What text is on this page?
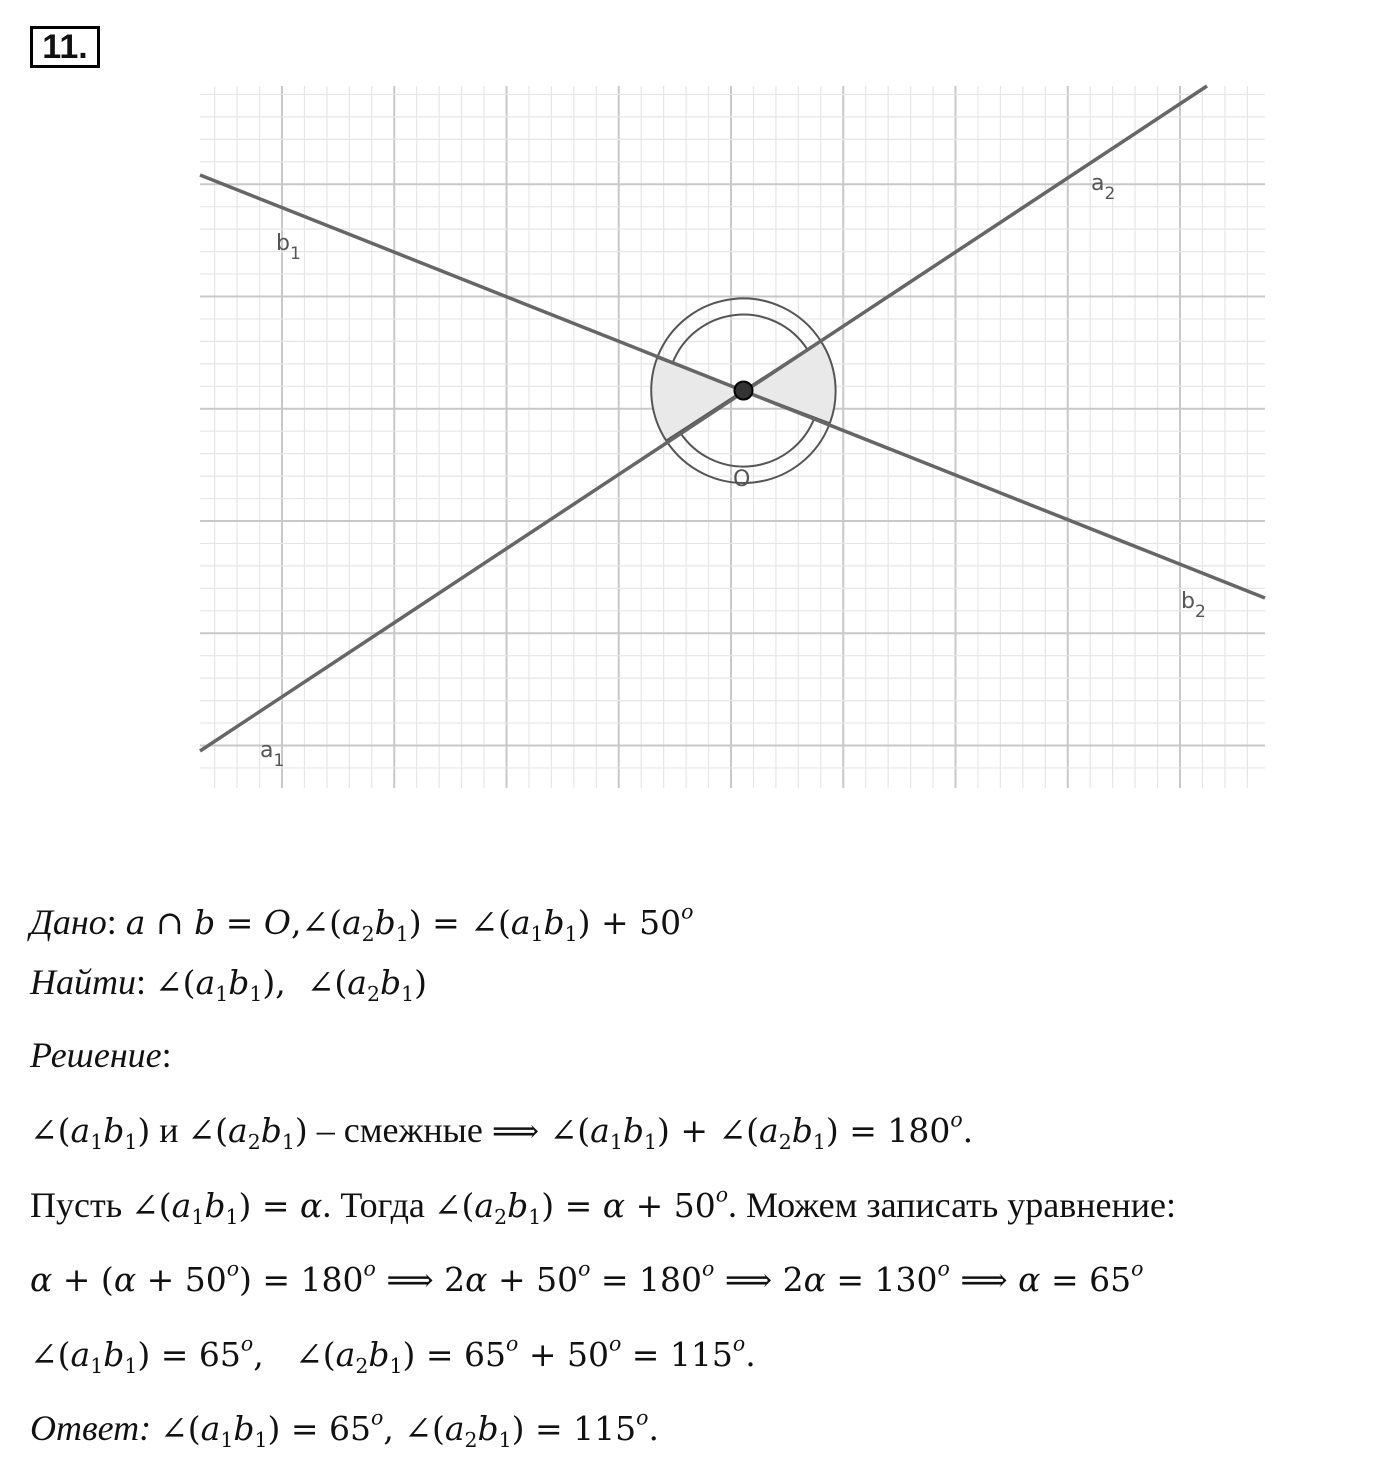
11.
$b_1$
$a_2$
$b_2$
$a_1$
O
Дано: a ∩ $b = O,\angle(a_2b_1)$ = $\angle(a_1b_1) + 50^o$
Найти: $\angle(a_1b_1)$,  $\angle(a_2b_1)$
Решение:
$\angle(a_1b_1)$ и $\angle(a_2b_1)$ – смежные ⟹ $\angle(a_1b_1)$ + $\angle(a_2b_1) = 180^o$.
Пусть $\angle(a_1b_1) = \alpha$. Тогда $\angle(a_2b_1) = \alpha + 50^o$. Можем записать уравнение:
$\alpha + (\alpha + 50^o) = 180^o$ ⟹ $2\alpha + 50^o = 180^o$ ⟹ $2\alpha = 130^o$ ⟹ $\alpha = 65^o$
$\angle(a_1b_1) = 65^o$,   $\angle(a_2b_1) = 65^o + 50^o = 115^o$.
Ответ: $\angle(a_1b_1) = 65^o$, $\angle(a_2b_1) = 115^o$.
